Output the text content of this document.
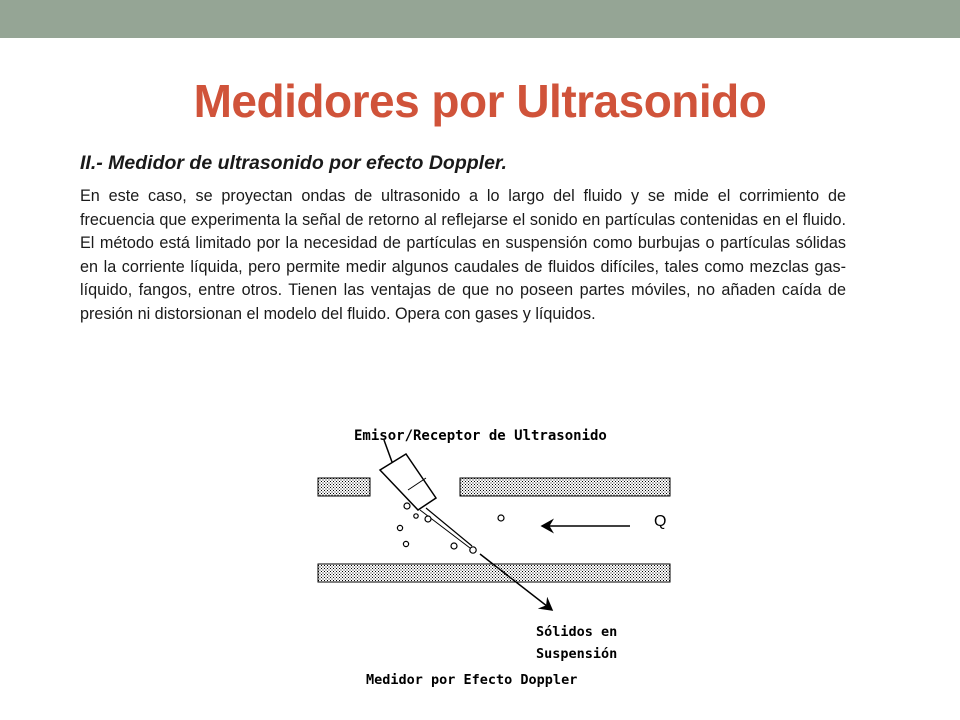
Medidores por Ultrasonido

II.- Medidor de ultrasonido por efecto Doppler.

En este caso, se proyectan ondas de ultrasonido a lo largo del fluido y se mide el corrimiento de frecuencia que experimenta la señal de retorno al reflejarse el sonido en partículas contenidas en el fluido. El método está limitado por la necesidad de partículas en suspensión como burbujas o partículas sólidas en la corriente líquida, pero permite medir algunos caudales de fluidos difíciles, tales como mezclas gas-líquido, fangos, entre otros. Tienen las ventajas de que no poseen partes móviles, no añaden caída de presión ni distorsionan el modelo del fluido. Opera con gases y líquidos.

Emisor/Receptor de Ultrasonido
Q
Sólidos en
Suspensión
Medidor por Efecto Doppler
